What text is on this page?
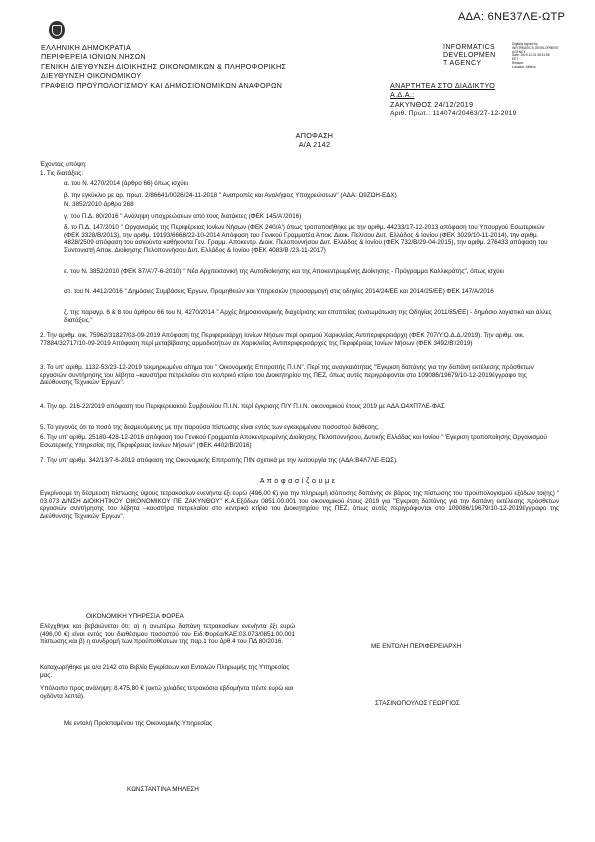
ΑΔΑ: 6ΝΕ37ΛΕ-ΩΤΡ
ΕΛΛΗΝΙΚΗ ΔΗΜΟΚΡΑΤΙΑ
ΠΕΡΙΦΕΡΕΙΑ ΙΟΝΙΩΝ ΝΗΣΩΝ
ΓΕΝΙΚΗ ΔΙΕΥΘΥΝΣΗ ΔΙΟΙΚΗΣΗΣ ΟΙΚΟΝΟΜΙΚΩΝ & ΠΛΗΡΟΦΟΡΙΚΗΣ
ΔΙΕΥΘΥΝΣΗ ΟΙΚΟΝΟΜΙΚΟΥ
ΓΡΑΦΕΙΟ ΠΡΟΫΠΟΛΟΓΙΣΜΟΥ ΚΑΙ ΔΗΜΟΣΙΟΝΟΜΙΚΩΝ ΑΝΑΦΟΡΩΝ
INFORMATICS
DEVELOPMEN
T AGENCY
Digitally signed by
INFORMATICS DEVELOPMENT
AGENCY
Date: 2019.12.31 08:11:58
EET
Reason:
Location: Athens
ΑΝΑΡΤΗΤΕΑ ΣΤΟ ΔΙΑΔΙΚΤΥΟ
Α.Δ.Α.:
ΖΑΚΥΝΘΟΣ 24/12/2019
Αριθ. Πρωτ.: 114074/20463/27-12-2019
ΑΠΟΦΑΣΗ
Α/Α 2142
Έχοντας υπόψη:
1. Τις διατάξεις:
α. του Ν. 4270/2014 (άρθρο 66) όπως ισχύει
β. την εγκύκλιο με αρ. πρωτ. 2/86641/0026/24-11-2018 " Ανατροπές και Αναλήψεις Υποχρεώσεων" (ΑΔΑ: Ω9ΖΩΗ-ΕΔΧ)
Ν. 3852/2010 άρθρο 268
γ. του Π.Δ. 80/2016 " Ανάληψη υποχρεώσεων από τους διατάκτες (ΦΕΚ 145/Α'/2016)
δ. το Π.Δ. 147/2010 " Οργανισμός της Περιφέρειας Ιονίων Νήσων (ΦΕΚ 240/Α') όπως τροποποιήθηκε με την αριθμ. 44233/17-12-2013 απόφαση του Υπουργού Εσωτερικών (ΦΕΚ 3328/Β/2013), την αριθμ. 19193/6668/22-10-2014 Απόφαση του Γενικού Γραμματέα Αποκ. Διοικ. Πελ/σου Δυτ. Ελλάδος & Ιονίου (ΦΕΚ 3029/10-11-2014), την αριθμ. 4828/2509 απόφαση του ασκούντα καθήκοντα Γεν. Γραμμ. Αποκεντρ. Διοικ. Πελοποννήσου Δυτ. Ελλάδος & Ιονίου (ΦΕΚ 732/Β/29-04-2015), την αριθμ. 276433 απόφαση του Συντονιστή Αποκ. Διοίκησης Πελοποννήσου Δυτ. Ελλάδος & Ιονίου (ΦΕΚ 4083/Β /23-11-2017)
ε. του Ν. 3852/2010 (ΦΕΚ 87/Α'/7-6-2010) " Νέα Αρχιτεκτονική της Αυτοδιοίκησης και της Αποκεντρωμένης Διοίκησης - Πρόγραμμα Καλλικράτης", όπως ισχύει
στ. του Ν. 4412/2016 " Δημόσιες Συμβάσεις Έργων, Προμηθειών και Υπηρεσιών (προσαρμογή στις οδηγίες 2014/24/ΕΕ και 2014/25/ΕΕ) ΦΕΚ 147/Α/2016
ζ. της παραγρ. 6 & 8 του άρθρου 66 του Ν. 4270/2014 " Αρχές δημοσιονομικής διαχείρισης και εποπτείας (ενσωμάτωση της Οδηγίας 2011/85/ΕΕ) - δημόσιο λογιστικό και άλλες διατάξεις."
2. Την αριθμ. οικ. 75962/31827/03-09-2019 Απόφαση της Περιφερειάρχη Ιονίων Νήσων περί ορισμού Χαρικλείας Αντιπεριφερειάρχη (ΦΕΚ 707/Υ.Ο.Δ.Δ./2019). Την αριθμ. οικ. 77884/32717/10-09-2019 Απόφαση περί μεταβίβασης αρμοδιοτήτων σε Χαρικλείας Αντιπεριφερειάρχες της Περιφέρειας Ιονίων Νήσων (ΦΕΚ 3492/Β'/2019)
3. Το υπ' αριθμ. 1132-53/23-12-2019 τεκμηριωμένο αίτημα του " Οικονομικής Επιτροπής Π.Ι.Ν". Περί της αναγκαιότητας "Έγκριση δαπάνης για την δαπάνη εκτέλεσης πρόσθετων εργασιών συντήρησης του λέβητα –καυστήρα πετρελαίου στο κεντρικό κτίριο του Διοικητηρίου της ΠΕΖ, όπως αυτές περιγράφονται στο 109086/19679/10-12-2019έγγραφο της Διεύθυνσης Τεχνικών Έργων".
4. Την αρ. 216-22/2019 απόφαση του Περιφερειακού Συμβουλίου Π.Ι.Ν. περί έγκρισης Π/Υ Π.Ι.Ν. οικονομικού έτους 2019 με ΑΔΑ:Ω4ΧΠ7ΛΕ-ΦΑΣ
5. Το γεγονός ότι το ποσό της δεσμευόμενης με την παρούσα πίστωσης είναι εντός των εγκεκριμένου ποσοστού διάθεσης.
6. Την υπ' αριθμ. 25180-428-12-2016 απόφαση του Γενικού Γραμματέα Αποκεντρωμένης Διοίκησης Πελοποννήσου, Δυτικής Ελλάδας και Ιονίου " Έγκριση τροποποίησης Οργανισμού Εσωτερικής Υπηρεσίας της Περιφέρειας Ιονίων Νήσων" (ΦΕΚ 4402/Β/2016)
7. Την υπ' αριθμ. 342/13/7-6-2012 απόφαση της Οικονομικής Επιτροπής ΠΙΝ σχετικά με την λειτουργία της (ΑΔΑ:Β4Λ7ΛΕ-ΕΩΣ).
Α π ο φ α σ ί ζ ο υ μ ε
Εγκρίνουμε τη δέσμευση πίστωσης ύψους τετρακοσίων ενενήντα έξι ευρώ (496,00 €) για την πληρωμή ισόποσης δαπάνης σε βάρος της πίστωσης του προϋπολογισμού εξόδων τοι(ης) " 03.073 Δ/ΝΣΗ ΔΙΟΙΚΗΤΙΚΟΥ ΟΙΚΟΝΟΜΙΚΟΥ ΠΕ ΖΑΚΥΝΘΟΥ" Κ.Α.Εξόδων 0851.00.001 του οικονομικού έτους 2019 για "Έγκριση δαπάνης για την δαπάνη εκτέλεσης πρόσθετων εργασιών συντήρησης του λέβητα –καυστήρα πετρελαίου στο κεντρικό κτίριο του Διοικητηρίου της ΠΕΖ, όπως αυτές περιγράφονται στο 109086/19679/10-12-2019έγγραφο της Διεύθυνσης Τεχνικών Έργων".
ΟΙΚΟΝΟΜΙΚΗ ΥΠΗΡΕΣΙΑ ΦΟΡΕΑ
Ελέγχθηκε και βεβαιώνεται ότι: α) η ανωτέρω δαπάνη τετρακοσίων ενενήντα έξι ευρώ (496,00 €) είναι εντός του διαθέσιμου ποσοστού του Ειδ.Φορέα/ΚΑΕ:03.073/0851.00.001 πίστωσης και β) η συνδρομή των προϋποθέσεων της παρ.1 του άρθ.4 του ΠΔ 80/2016.
Καταχωρήθηκε με α/α 2142 στο Βιβλίο Εγκρίσεων και Εντολών Πληρωμής της Υπηρεσίας μας.
Υπόλοιπο προς ανάληψη: 8.475,80 € (οκτώ χιλιάδες τετρακόσια εβδομήντα πέντε ευρώ και ογδόντα λεπτά).
Με εντολή Προϊσταμένου της Οικονομικής Υπηρεσίας
ΚΩΝΣΤΑΝΤΙΝΑ ΜΗΛΕΣΗ
ΜΕ ΕΝΤΟΛΗ ΠΕΡΙΦΕΡΕΙΑΡΧΗ
ΣΤΑΣΙΝΟΠΟΥΛΟΣ ΓΕΩΡΓΙΟΣ
